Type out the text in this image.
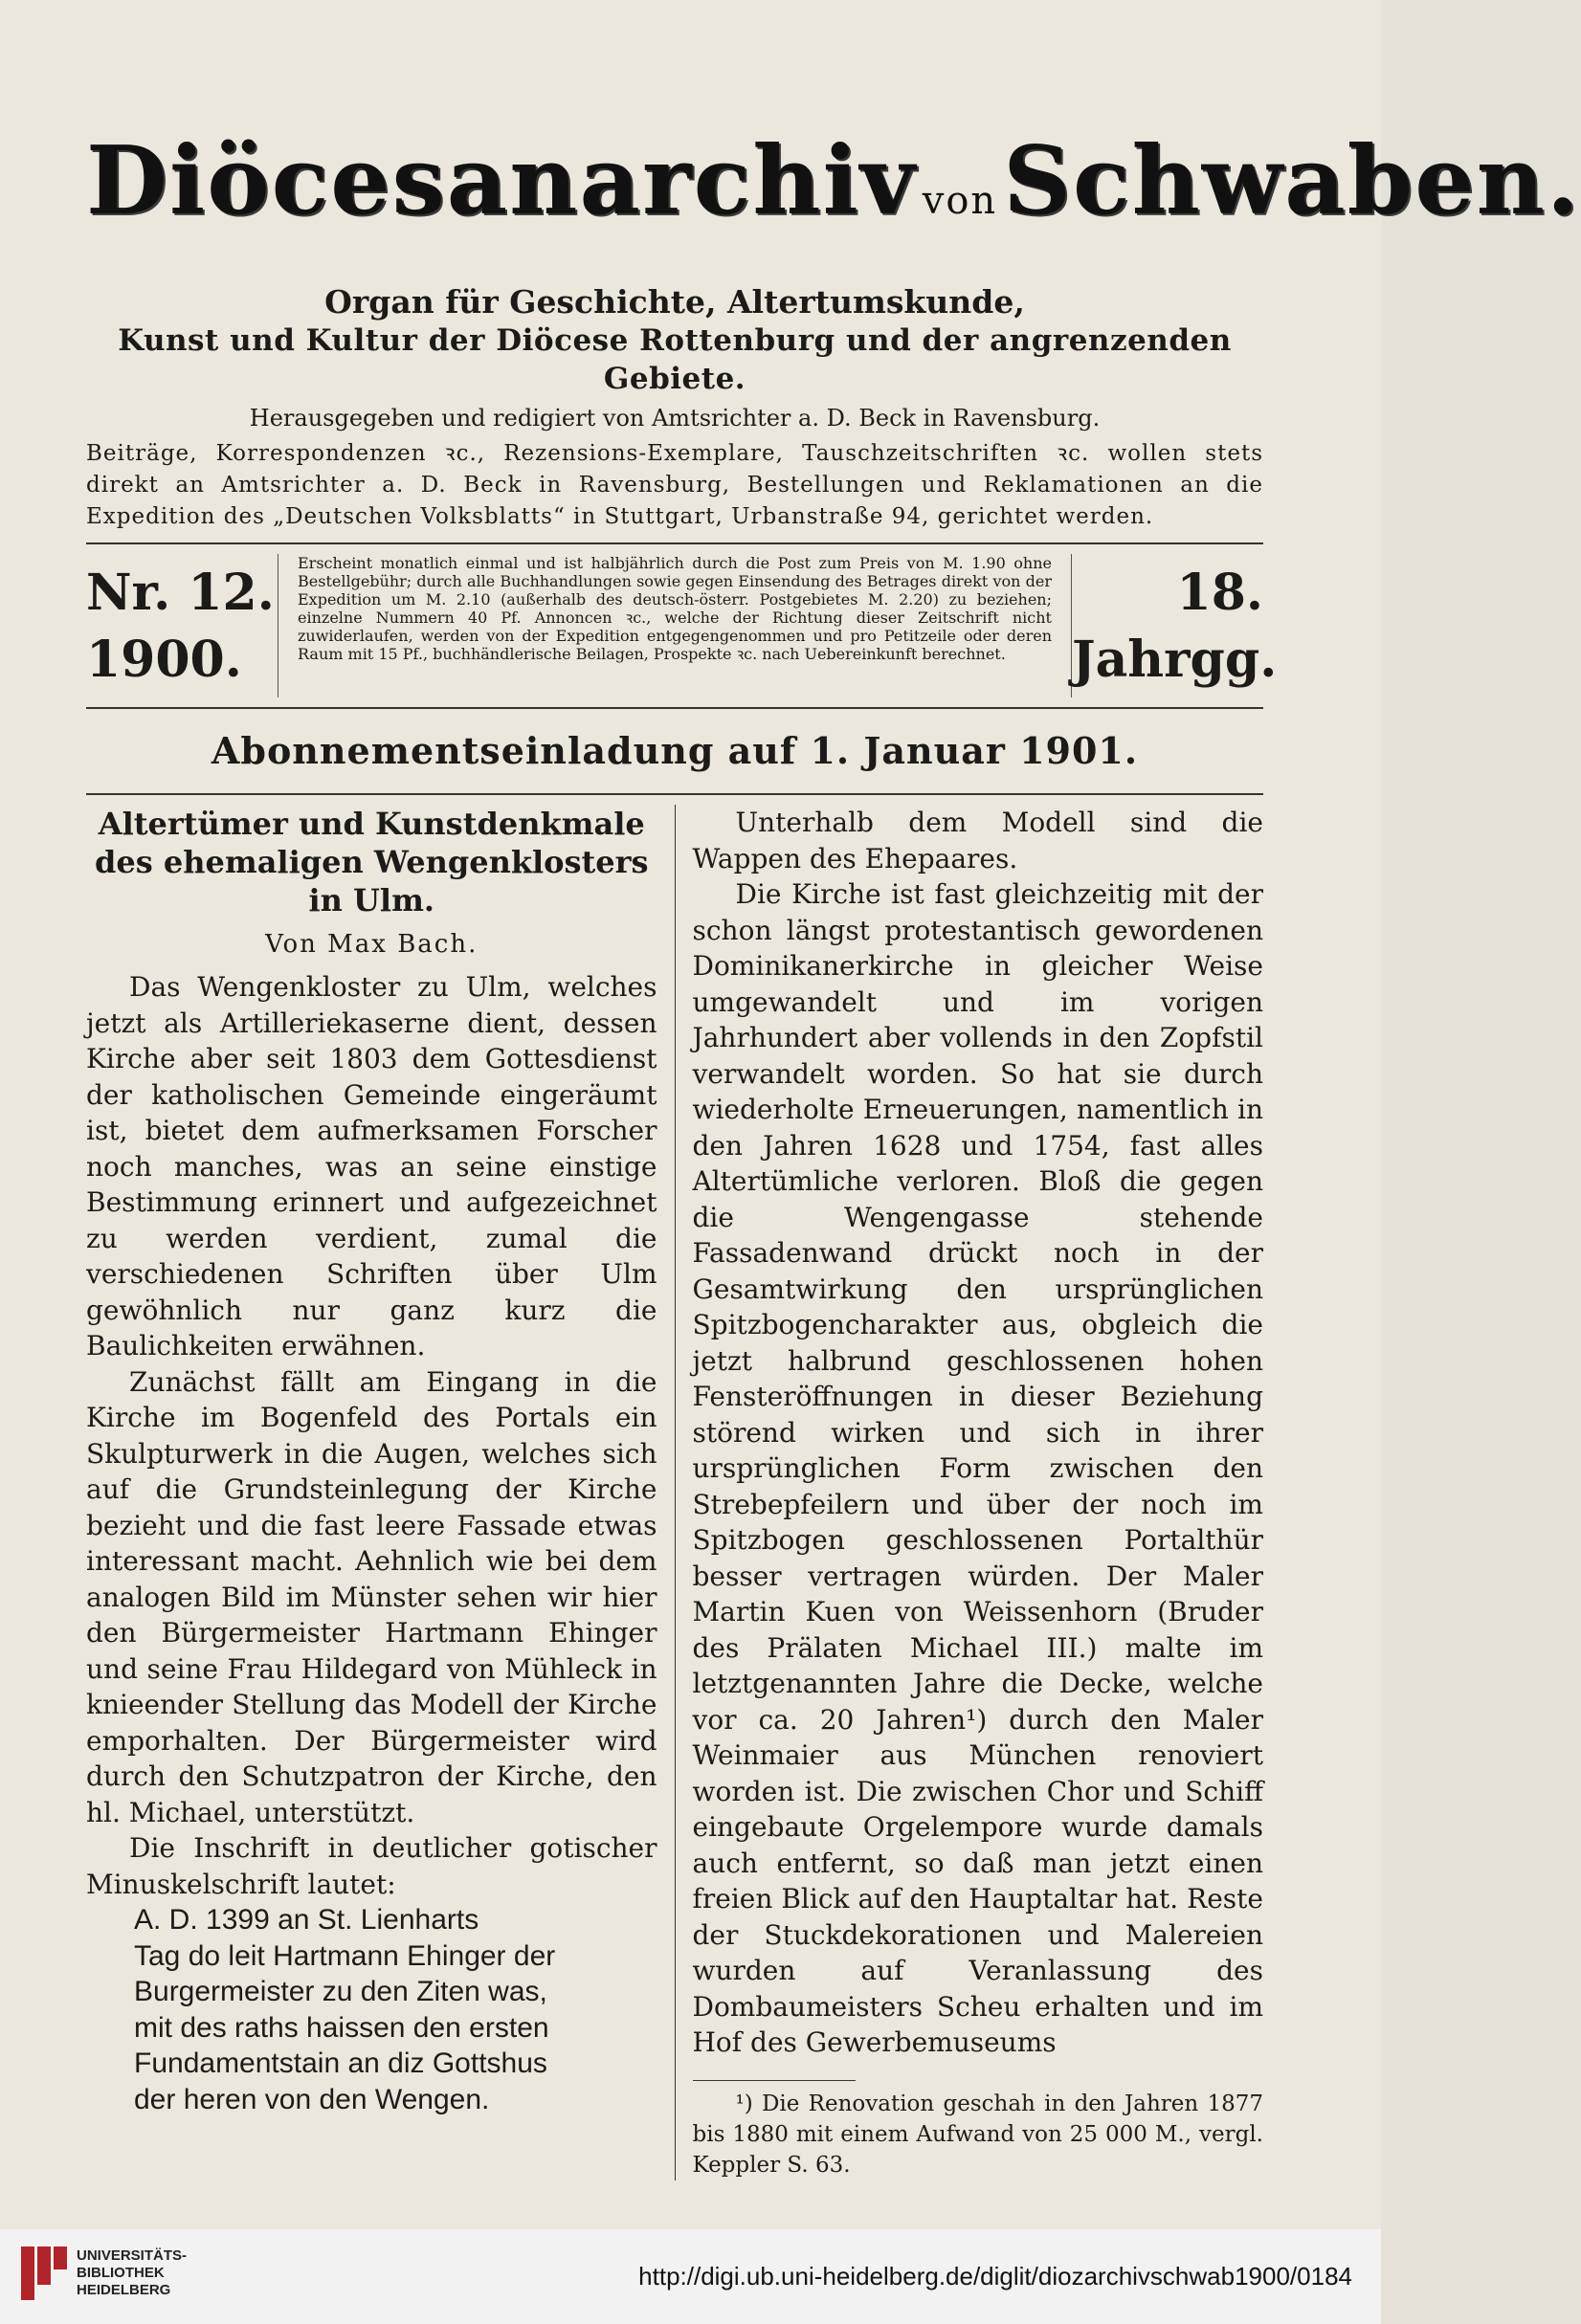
Diöcesanarchiv vonSchwaben.
Organ für Geschichte, Altertumskunde,
Kunst und Kultur der Diöcese Rottenburg und der angrenzenden Gebiete.
Herausgegeben und redigiert von Amtsrichter a. D. Beck in Ravensburg.
Beiträge, Korrespondenzen ꝛc., Rezensions-Exemplare, Tauschzeitschriften ꝛc. wollen stets direkt an Amtsrichter a. D. Beck in Ravensburg, Bestellungen und Reklamationen an die Expedition des „Deutschen Volksblatts“ in Stuttgart, Urbanstraße 94, gerichtet werden.
Nr. 12.
1900.
Erscheint monatlich einmal und ist halbjährlich durch die Post zum Preis von M. 1.90 ohne Bestellgebühr; durch alle Buchhandlungen sowie gegen Einsendung des Betrages direkt von der Expedition um M. 2.10 (außerhalb des deutsch-österr. Postgebietes M. 2.20) zu beziehen; einzelne Nummern 40 Pf. Annoncen ꝛc., welche der Richtung dieser Zeitschrift nicht zuwiderlaufen, werden von der Expedition entgegengenommen und pro Petitzeile oder deren Raum mit 15 Pf., buchhändlerische Beilagen, Prospekte ꝛc. nach Uebereinkunft berechnet.
18.
Jahrgg.
Abonnementseinladung auf 1. Januar 1901.

Altertümer und Kunstdenkmale des ehemaligen Wengenklosters in Ulm.

Von Max Bach.

Das Wengenkloster zu Ulm, welches jetzt als Artilleriekaserne dient, dessen Kirche aber seit 1803 dem Gottesdienst der katholischen Gemeinde eingeräumt ist, bietet dem aufmerksamen Forscher noch manches, was an seine einstige Bestimmung erinnert und aufgezeichnet zu werden verdient, zumal die verschiedenen Schriften über Ulm gewöhnlich nur ganz kurz die Baulichkeiten erwähnen.

Zunächst fällt am Eingang in die Kirche im Bogenfeld des Portals ein Skulpturwerk in die Augen, welches sich auf die Grundsteinlegung der Kirche bezieht und die fast leere Fassade etwas interessant macht. Aehnlich wie bei dem analogen Bild im Münster sehen wir hier den Bürgermeister Hartmann Ehinger und seine Frau Hildegard von Mühleck in knieender Stellung das Modell der Kirche emporhalten. Der Bürgermeister wird durch den Schutzpatron der Kirche, den hl. Michael, unterstützt.

Die Inschrift in deutlicher gotischer Minuskelschrift lautet:

A. D. 1399 an St. Lienharts
Tag do leit Hartmann Ehinger der
Burgermeister zu den Ziten was,
mit des raths haissen den ersten
Fundamentstain an diz Gottshus
der heren von den Wengen.

Unterhalb dem Modell sind die Wappen des Ehepaares.

Die Kirche ist fast gleichzeitig mit der schon längst protestantisch gewordenen Dominikanerkirche in gleicher Weise umgewandelt und im vorigen Jahrhundert aber vollends in den Zopfstil verwandelt worden. So hat sie durch wiederholte Erneuerungen, namentlich in den Jahren 1628 und 1754, fast alles Altertümliche verloren. Bloß die gegen die Wengengasse stehende Fassadenwand drückt noch in der Gesamtwirkung den ursprünglichen Spitzbogencharakter aus, obgleich die jetzt halbrund geschlossenen hohen Fensteröffnungen in dieser Beziehung störend wirken und sich in ihrer ursprünglichen Form zwischen den Strebepfeilern und über der noch im Spitzbogen geschlossenen Portalthür besser vertragen würden. Der Maler Martin Kuen von Weissenhorn (Bruder des Prälaten Michael III.) malte im letztgenannten Jahre die Decke, welche vor ca. 20 Jahren¹) durch den Maler Weinmaier aus München renoviert worden ist. Die zwischen Chor und Schiff eingebaute Orgelempore wurde damals auch entfernt, so daß man jetzt einen freien Blick auf den Hauptaltar hat. Reste der Stuckdekorationen und Malereien wurden auf Veranlassung des Dombaumeisters Scheu erhalten und im Hof des Gewerbemuseums

¹) Die Renovation geschah in den Jahren 1877 bis 1880 mit einem Aufwand von 25 000 M., vergl. Keppler S. 63.

UNIVERSITÄTS-
BIBLIOTHEK
HEIDELBERG	http://digi.ub.uni-heidelberg.de/diglit/diozarchivschwab1900/0184
